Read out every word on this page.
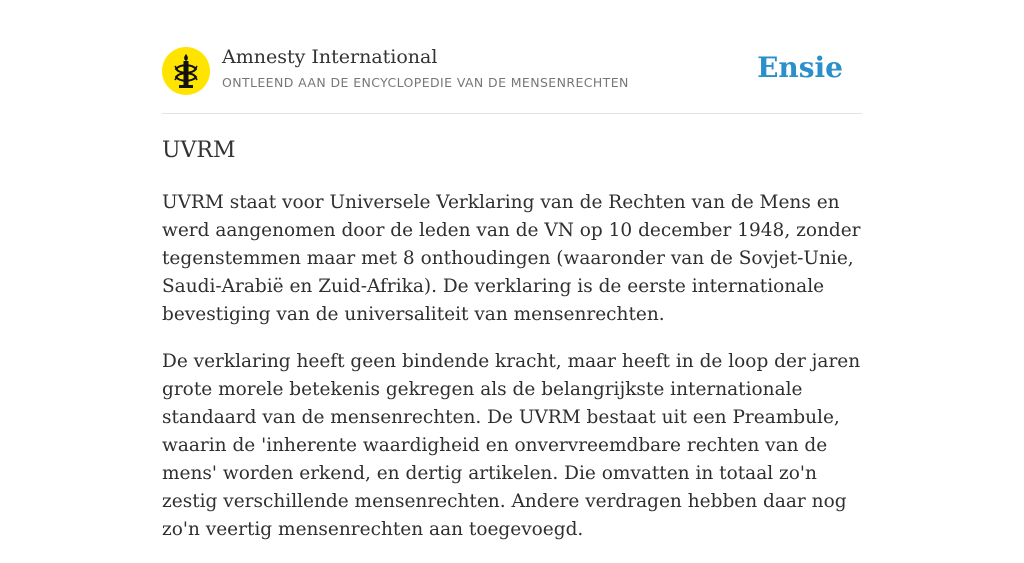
Amnesty International
ONTLEEND AAN DE ENCYCLOPEDIE VAN DE MENSENRECHTEN	Ensie
UVRM

UVRM staat voor Universele Verklaring van de Rechten van de Mens en werd aangenomen door de leden van de VN op 10 december 1948, zonder tegenstemmen maar met 8 onthoudingen (waaronder van de Sovjet-Unie, Saudi-Arabië en Zuid-Afrika). De verklaring is de eerste internationale bevestiging van de universaliteit van mensenrechten.

De verklaring heeft geen bindende kracht, maar heeft in de loop der jaren grote morele betekenis gekregen als de belangrijkste internationale standaard van de mensenrechten. De UVRM bestaat uit een Preambule, waarin de 'inherente waardigheid en onvervreemdbare rechten van de mens' worden erkend, en dertig artikelen. Die omvatten in totaal zo'n zestig verschillende mensenrechten. Andere verdragen hebben daar nog zo'n veertig mensenrechten aan toegevoegd.
